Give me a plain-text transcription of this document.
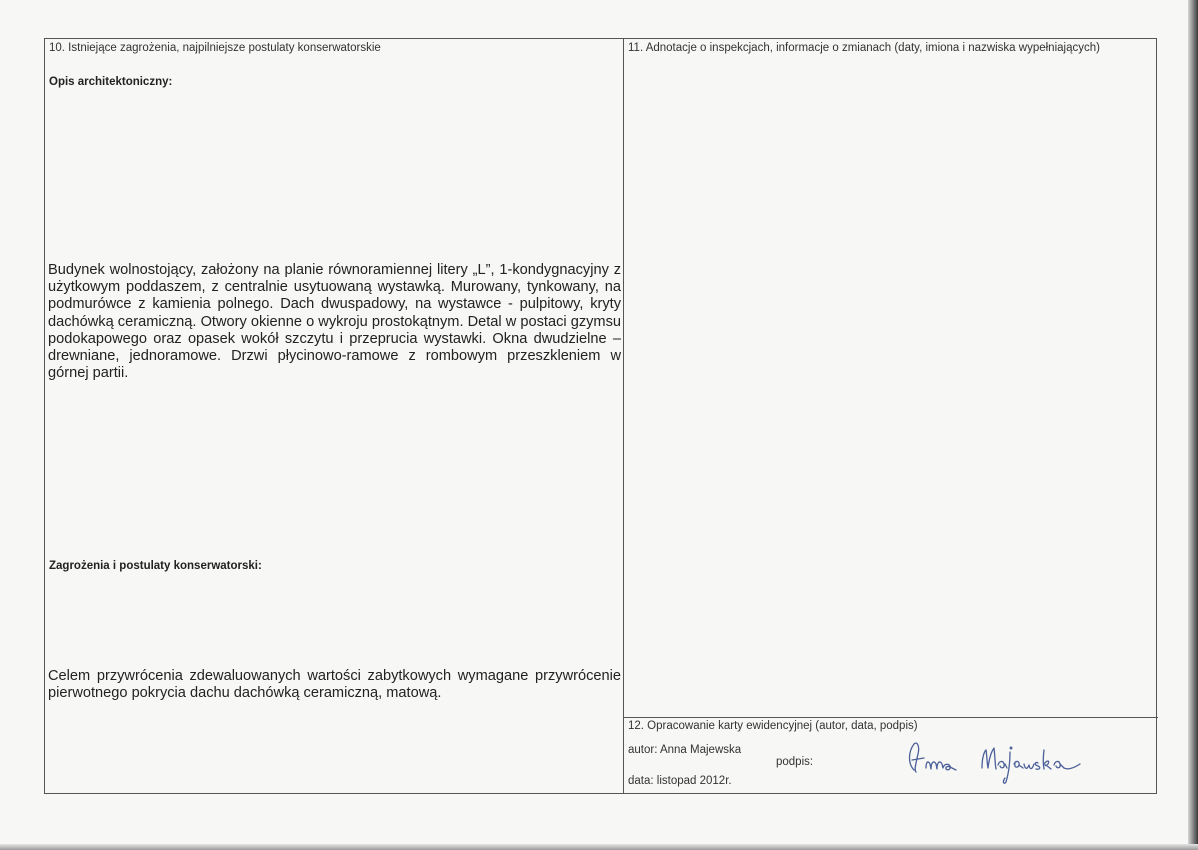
10. Istniejące zagrożenia, najpilniejsze postulaty konserwatorskie
Opis architektoniczny:
Budynek wolnostojący, założony na planie równoramiennej litery „L”, 1-kondygnacyjny z użytkowym poddaszem, z centralnie usytuowaną wystawką. Murowany, tynkowany, na podmurówce z kamienia polnego. Dach dwuspadowy, na wystawce - pulpitowy, kryty dachówką ceramiczną. Otwory okienne o wykroju prostokątnym. Detal w postaci gzymsu podokapowego oraz opasek wokół szczytu i przeprucia wystawki. Okna dwudzielne – drewniane, jednoramowe. Drzwi płycinowo-ramowe z rombowym przeszkleniem w górnej partii.
Zagrożenia i postulaty konserwatorski:
Celem przywrócenia zdewaluowanych wartości zabytkowych wymagane przywrócenie pierwotnego pokrycia dachu dachówką ceramiczną, matową.
11. Adnotacje o inspekcjach, informacje o zmianach (daty, imiona i nazwiska wypełniających)
12. Opracowanie karty ewidencyjnej (autor, data, podpis)
autor: Anna Majewska
podpis:
data: listopad 2012r.
